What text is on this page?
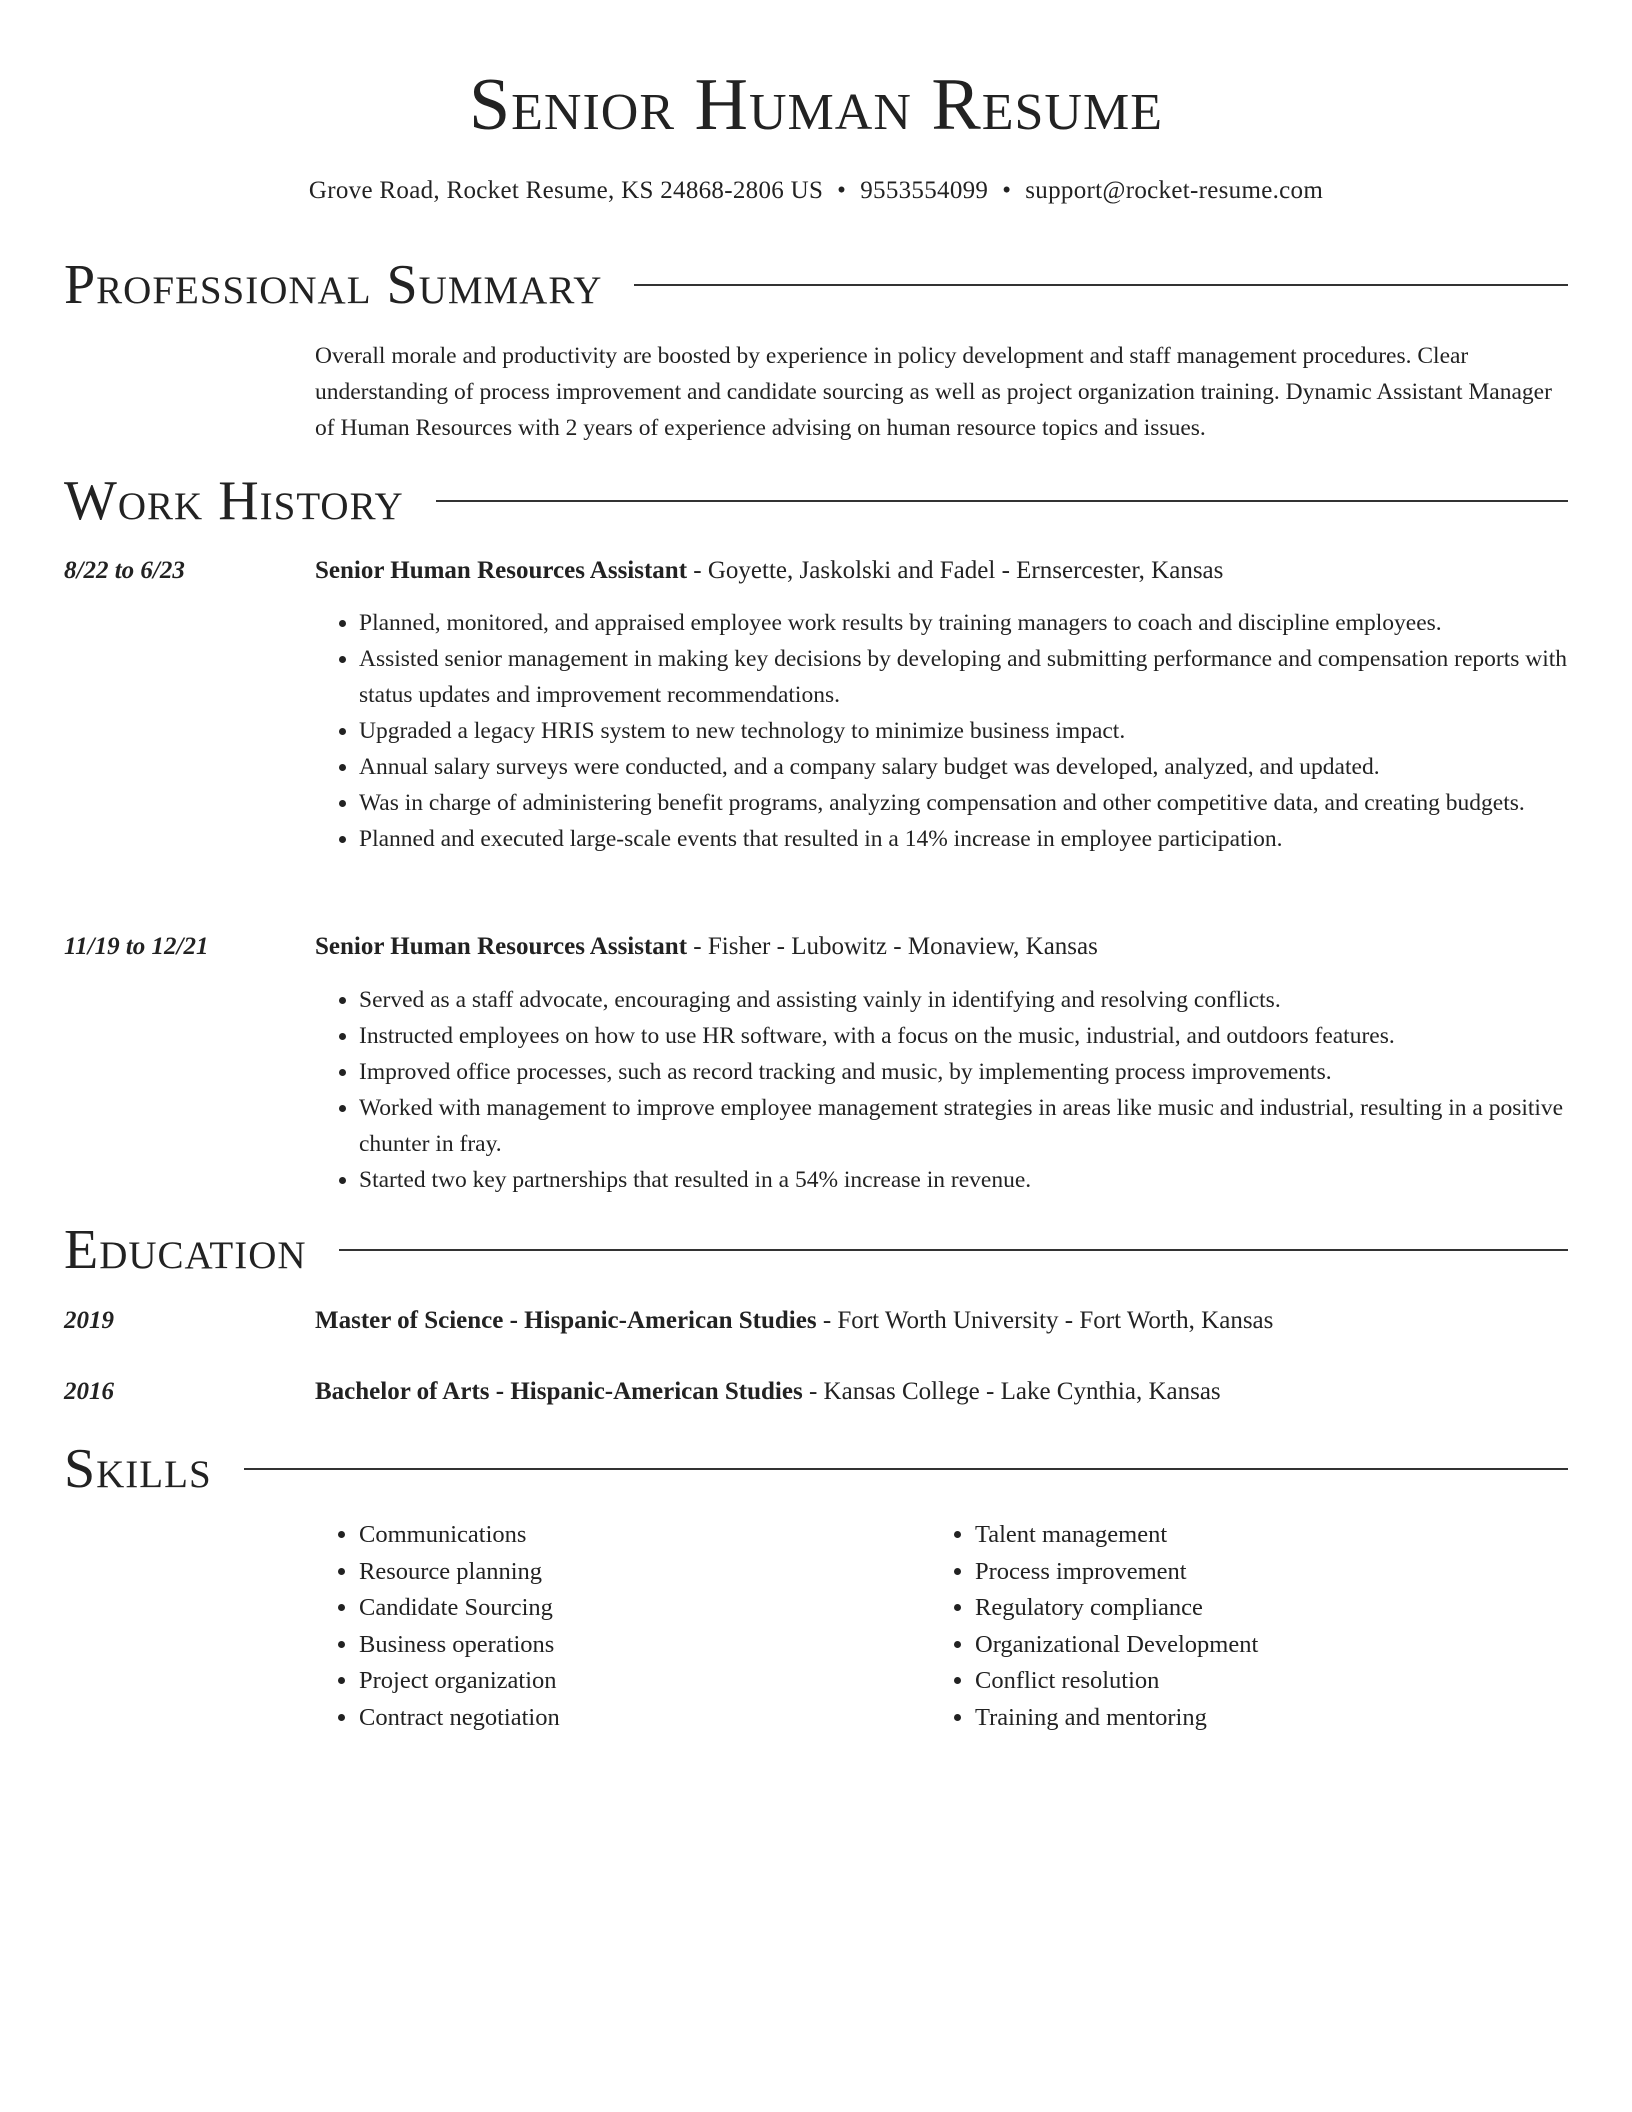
Senior Human Resume
Grove Road, Rocket Resume, KS 24868-2806 US • 9553554099 • support@rocket-resume.com
Professional Summary
Overall morale and productivity are boosted by experience in policy development and staff management procedures. Clear understanding of process improvement and candidate sourcing as well as project organization training. Dynamic Assistant Manager of Human Resources with 2 years of experience advising on human resource topics and issues.
Work History
8/22 to 6/23	Senior Human Resources Assistant - Goyette, Jaskolski and Fadel - Ernsercester, Kansas
• Planned, monitored, and appraised employee work results by training managers to coach and discipline employees.
• Assisted senior management in making key decisions by developing and submitting performance and compensation reports with status updates and improvement recommendations.
• Upgraded a legacy HRIS system to new technology to minimize business impact.
• Annual salary surveys were conducted, and a company salary budget was developed, analyzed, and updated.
• Was in charge of administering benefit programs, analyzing compensation and other competitive data, and creating budgets.
• Planned and executed large-scale events that resulted in a 14% increase in employee participation.
11/19 to 12/21	Senior Human Resources Assistant - Fisher - Lubowitz - Monaview, Kansas
• Served as a staff advocate, encouraging and assisting vainly in identifying and resolving conflicts.
• Instructed employees on how to use HR software, with a focus on the music, industrial, and outdoors features.
• Improved office processes, such as record tracking and music, by implementing process improvements.
• Worked with management to improve employee management strategies in areas like music and industrial, resulting in a positive chunter in fray.
• Started two key partnerships that resulted in a 54% increase in revenue.
Education
2019	Master of Science - Hispanic-American Studies - Fort Worth University - Fort Worth, Kansas
2016	Bachelor of Arts - Hispanic-American Studies - Kansas College - Lake Cynthia, Kansas
Skills
• Communications
• Resource planning
• Candidate Sourcing
• Business operations
• Project organization
• Contract negotiation
• Talent management
• Process improvement
• Regulatory compliance
• Organizational Development
• Conflict resolution
• Training and mentoring
